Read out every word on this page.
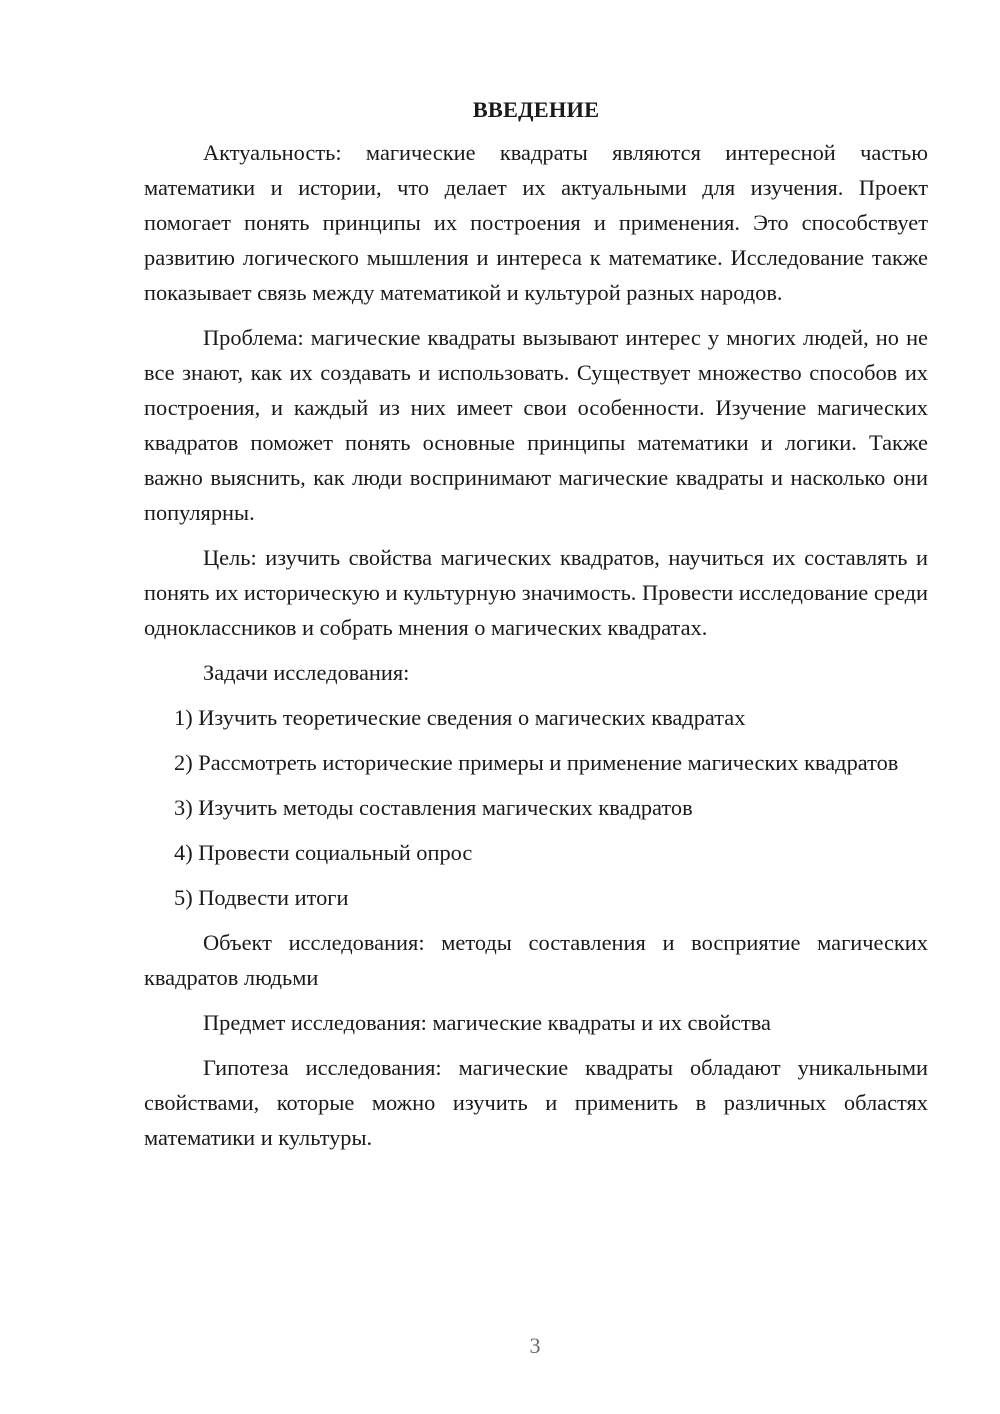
ВВЕДЕНИЕ

Актуальность: магические квадраты являются интересной частью математики и истории, что делает их актуальными для изучения. Проект помогает понять принципы их построения и применения. Это способствует развитию логического мышления и интереса к математике. Исследование также показывает связь между математикой и культурой разных народов.

Проблема: магические квадраты вызывают интерес у многих людей, но не все знают, как их создавать и использовать. Существует множество способов их построения, и каждый из них имеет свои особенности. Изучение магических квадратов поможет понять основные принципы математики и логики. Также важно выяснить, как люди воспринимают магические квадраты и насколько они популярны.

Цель: изучить свойства магических квадратов, научиться их составлять и понять их историческую и культурную значимость. Провести исследование среди одноклассников и собрать мнения о магических квадратах.

Задачи исследования:

1) Изучить теоретические сведения о магических квадратах

2) Рассмотреть исторические примеры и применение магических квадратов

3) Изучить методы составления магических квадратов

4) Провести социальный опрос

5) Подвести итоги

Объект исследования: методы составления и восприятие магических квадратов людьми

Предмет исследования: магические квадраты и их свойства

Гипотеза исследования: магические квадраты обладают уникальными свойствами, которые можно изучить и применить в различных областях математики и культуры.

3
